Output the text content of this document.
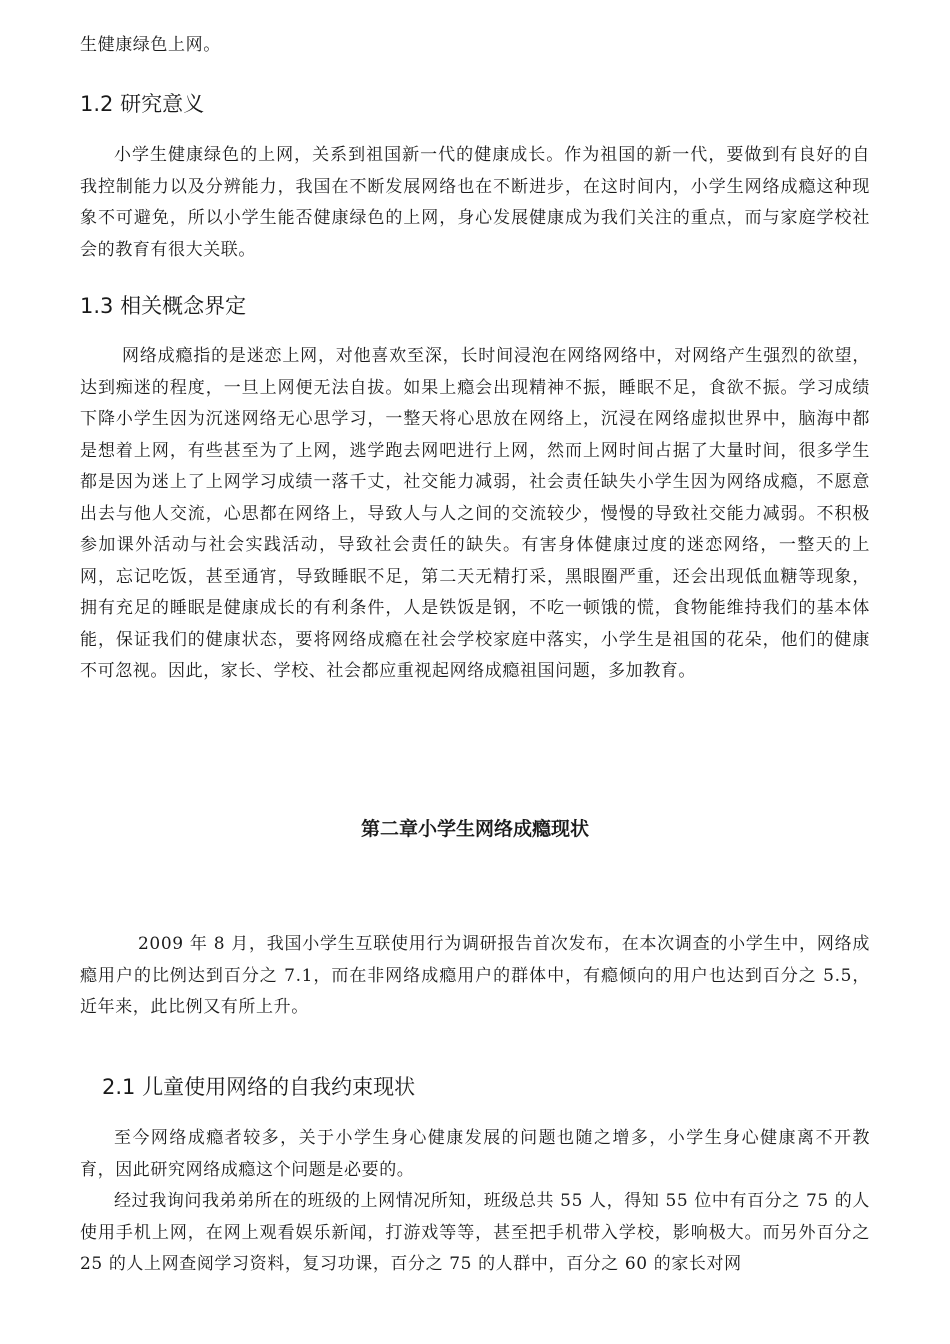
生健康绿色上网。

1.2 研究意义

小学生健康绿色的上网，关系到祖国新一代的健康成长。作为祖国的新一代，要做到有良好的自我控制能力以及分辨能力，我国在不断发展网络也在不断进步，在这时间内，小学生网络成瘾这种现象不可避免，所以小学生能否健康绿色的上网，身心发展健康成为我们关注的重点，而与家庭学校社会的教育有很大关联。

1.3 相关概念界定

网络成瘾指的是迷恋上网，对他喜欢至深，长时间浸泡在网络网络中，对网络产生强烈的欲望，达到痴迷的程度，一旦上网便无法自拔。如果上瘾会出现精神不振，睡眠不足，食欲不振。学习成绩下降小学生因为沉迷网络无心思学习，一整天将心思放在网络上，沉浸在网络虚拟世界中，脑海中都是想着上网，有些甚至为了上网，逃学跑去网吧进行上网，然而上网时间占据了大量时间，很多学生都是因为迷上了上网学习成绩一落千丈，社交能力减弱，社会责任缺失小学生因为网络成瘾，不愿意出去与他人交流，心思都在网络上，导致人与人之间的交流较少，慢慢的导致社交能力减弱。不积极参加课外活动与社会实践活动，导致社会责任的缺失。有害身体健康过度的迷恋网络，一整天的上网，忘记吃饭，甚至通宵，导致睡眠不足，第二天无精打采，黑眼圈严重，还会出现低血糖等现象，拥有充足的睡眠是健康成长的有利条件，人是铁饭是钢，不吃一顿饿的慌，食物能维持我们的基本体能，保证我们的健康状态，要将网络成瘾在社会学校家庭中落实，小学生是祖国的花朵，他们的健康不可忽视。因此，家长、学校、社会都应重视起网络成瘾祖国问题，多加教育。

第二章小学生网络成瘾现状

2009 年 8 月，我国小学生互联使用行为调研报告首次发布，在本次调查的小学生中，网络成瘾用户的比例达到百分之 7.1，而在非网络成瘾用户的群体中，有瘾倾向的用户也达到百分之 5.5，近年来，此比例又有所上升。

2.1 儿童使用网络的自我约束现状

至今网络成瘾者较多，关于小学生身心健康发展的问题也随之增多，小学生身心健康离不开教育，因此研究网络成瘾这个问题是必要的。

经过我询问我弟弟所在的班级的上网情况所知，班级总共 55 人，得知 55 位中有百分之 75 的人使用手机上网，在网上观看娱乐新闻，打游戏等等，甚至把手机带入学校，影响极大。而另外百分之 25 的人上网查阅学习资料，复习功课，百分之 75 的人群中，百分之 60 的家长对网
